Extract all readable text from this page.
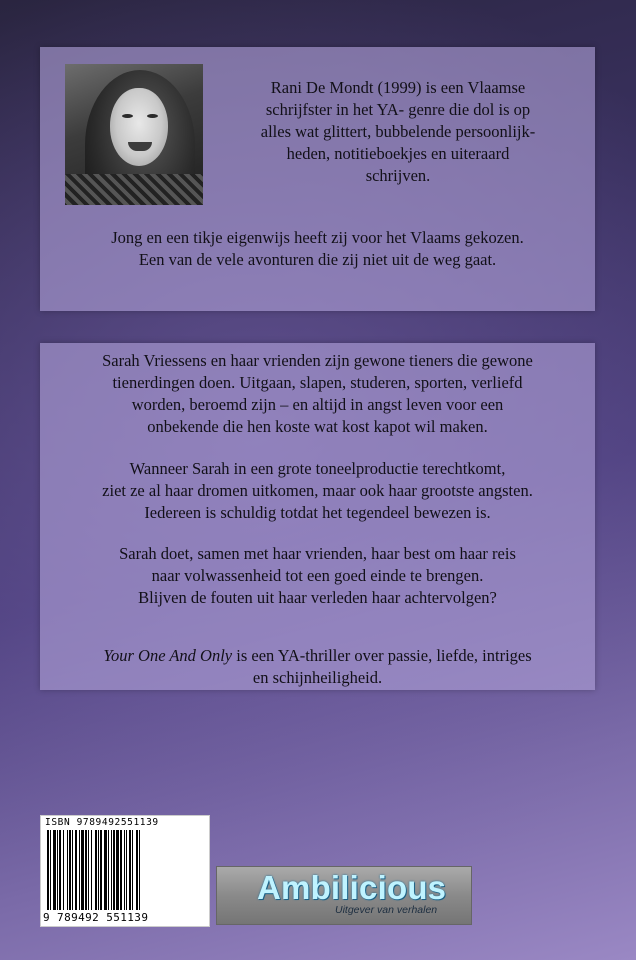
Rani De Mondt (1999) is een Vlaamse
schrijfster in het YA- genre die dol is op
alles wat glittert, bubbelende persoonlijk-
heden, notitieboekjes en uiteraard
schrijven.
Jong en een tikje eigenwijs heeft zij voor het Vlaams gekozen.
Een van de vele avonturen die zij niet uit de weg gaat.
Sarah Vriessens en haar vrienden zijn gewone tieners die gewone
tienerdingen doen. Uitgaan, slapen, studeren, sporten, verliefd
worden, beroemd zijn – en altijd in angst leven voor een
onbekende die hen koste wat kost kapot wil maken.
Wanneer Sarah in een grote toneelproductie terechtkomt,
ziet ze al haar dromen uitkomen, maar ook haar grootste angsten.
Iedereen is schuldig totdat het tegendeel bewezen is.
Sarah doet, samen met haar vrienden, haar best om haar reis
naar volwassenheid tot een goed einde te brengen.
Blijven de fouten uit haar verleden haar achtervolgen?
Your One And Only is een YA-thriller over passie, liefde, intriges
en schijnheiligheid.
ISBN 9789492551139
9 789492 551139
Ambilicious
Uitgever van verhalen
